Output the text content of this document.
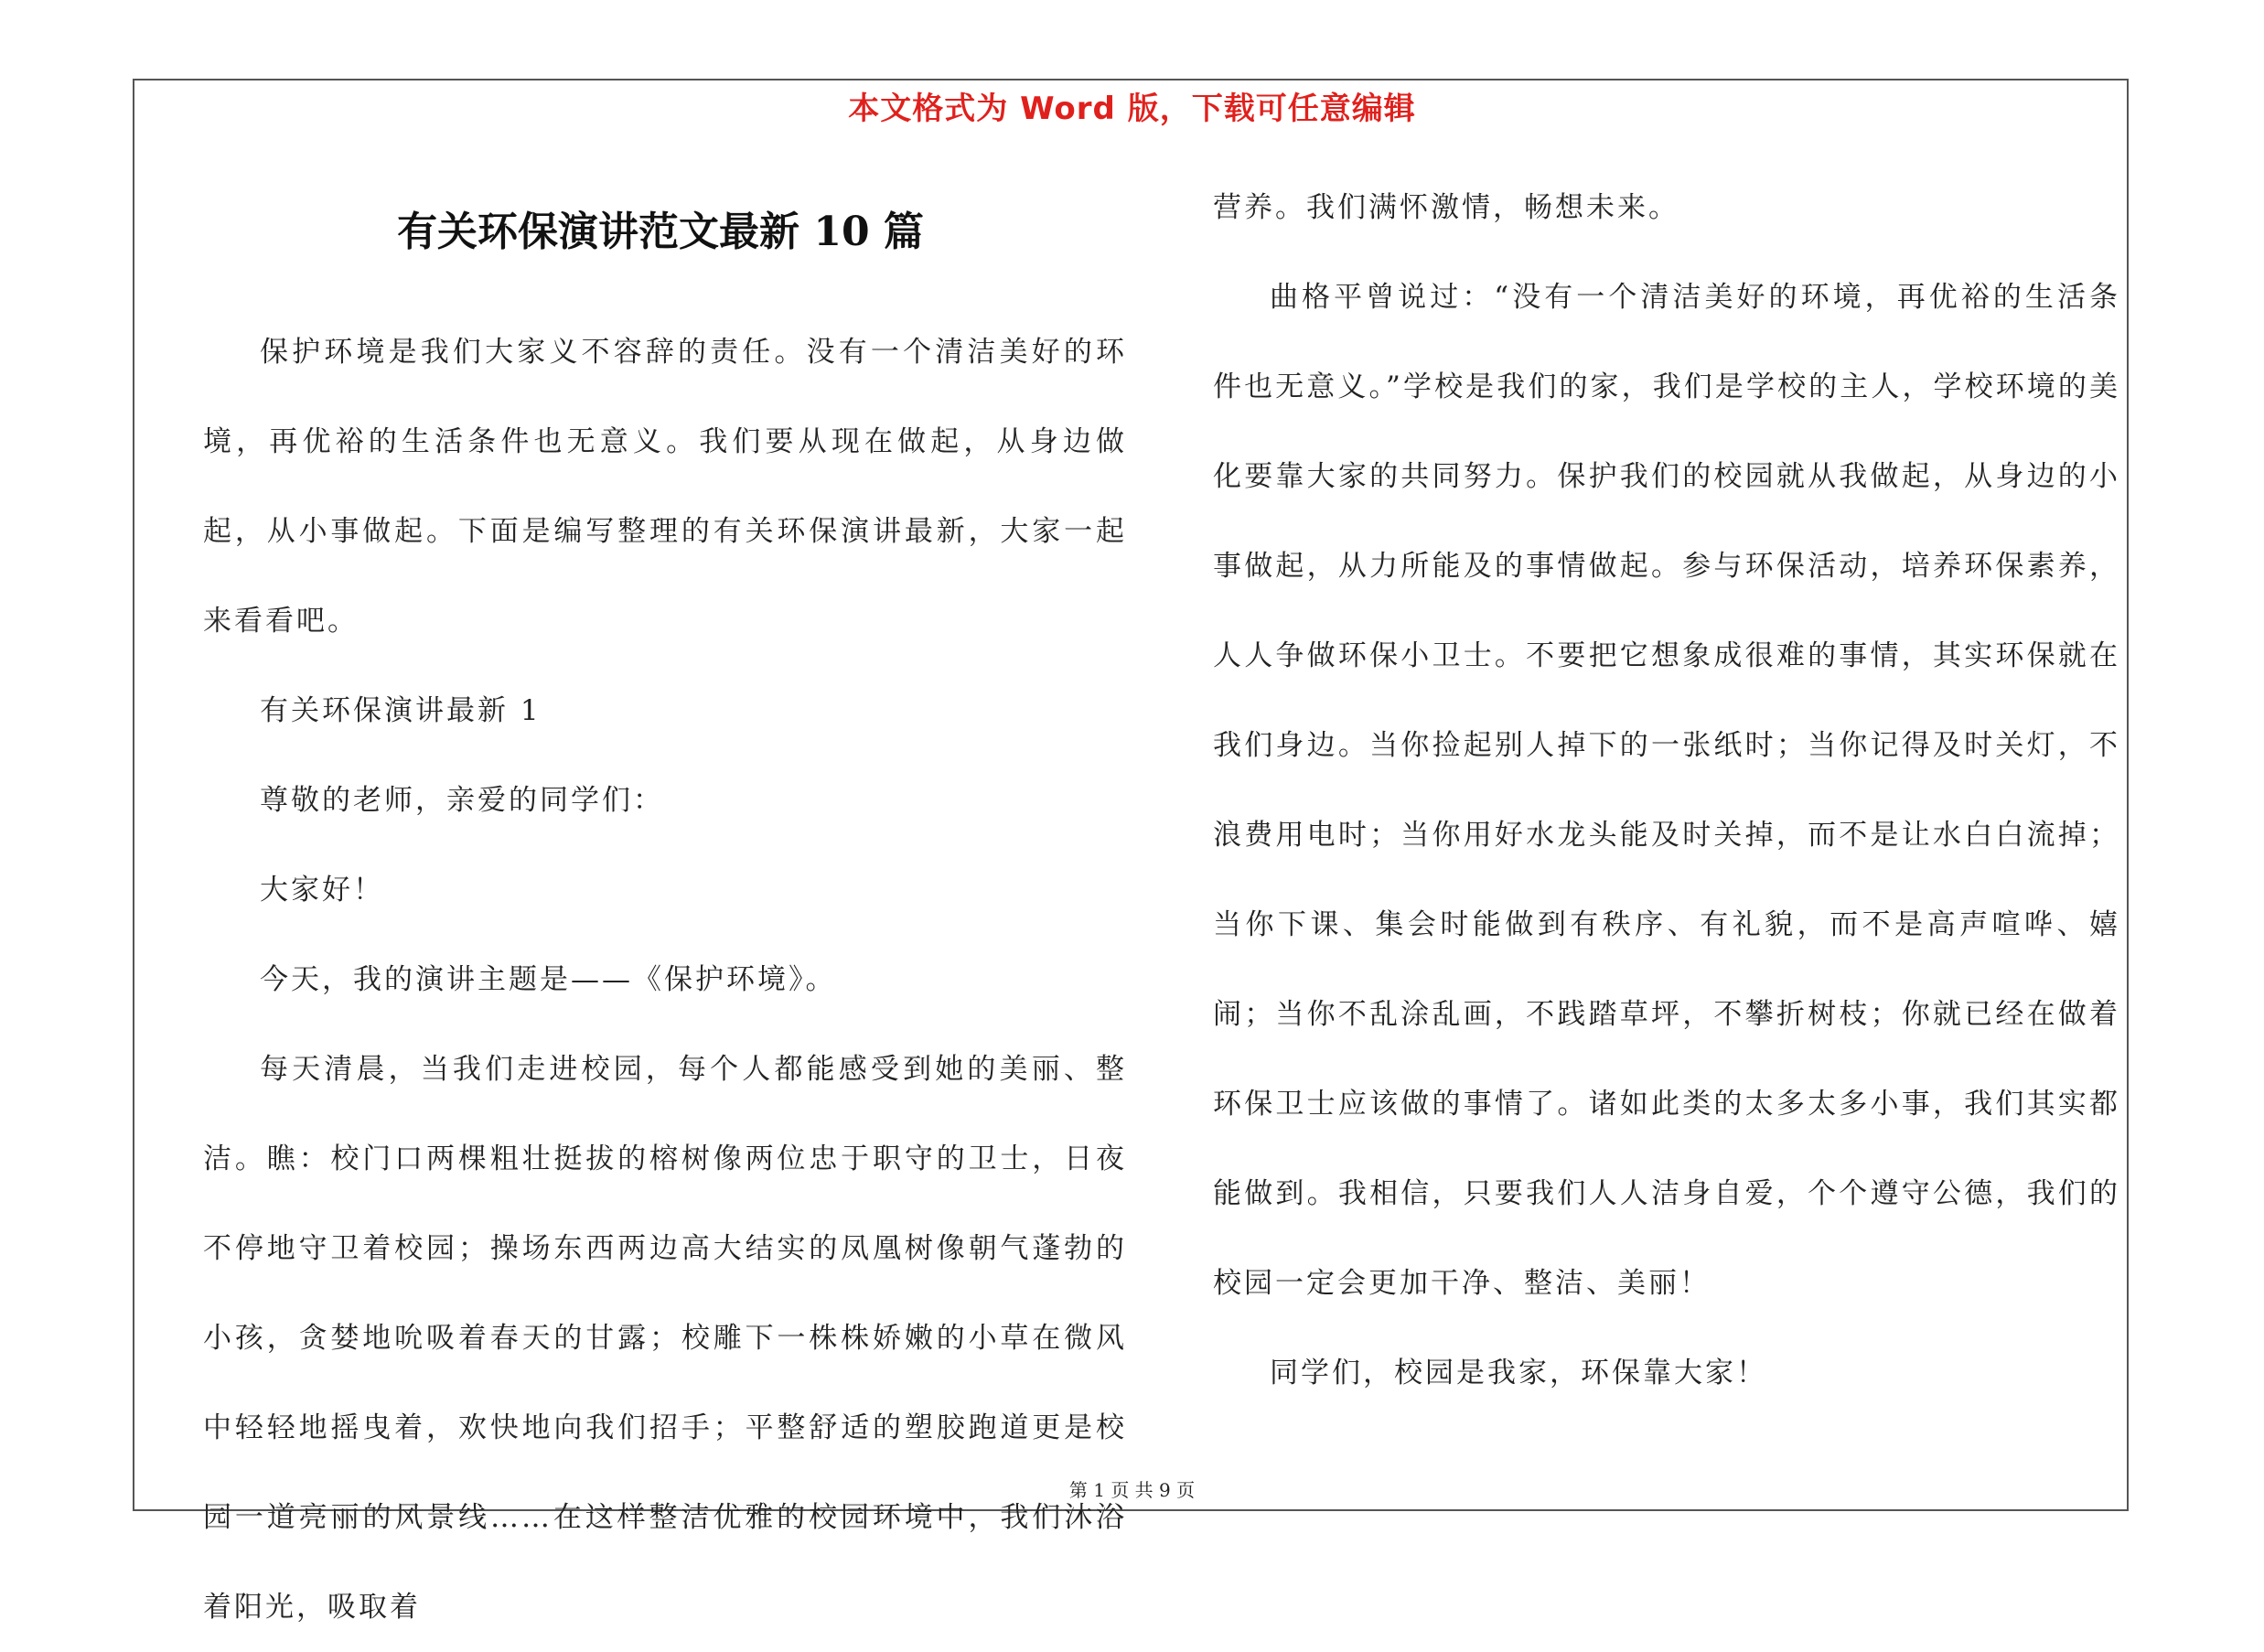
本文格式为 Word 版，下载可任意编辑
有关环保演讲范文最新 10 篇

保护环境是我们大家义不容辞的责任。没有一个清洁美好的环境，再优裕的生活条件也无意义。我们要从现在做起，从身边做起，从小事做起。下面是编写整理的有关环保演讲最新，大家一起来看看吧。

有关环保演讲最新 1

尊敬的老师，亲爱的同学们：

大家好！

今天，我的演讲主题是——《保护环境》。

每天清晨，当我们走进校园，每个人都能感受到她的美丽、整洁。瞧：校门口两棵粗壮挺拔的榕树像两位忠于职守的卫士，日夜不停地守卫着校园；操场东西两边高大结实的凤凰树像朝气蓬勃的小孩，贪婪地吮吸着春天的甘露；校雕下一株株娇嫩的小草在微风中轻轻地摇曳着，欢快地向我们招手；平整舒适的塑胶跑道更是校园一道亮丽的风景线……在这样整洁优雅的校园环境中，我们沐浴着阳光，吸取着

营养。我们满怀激情，畅想未来。

曲格平曾说过：“没有一个清洁美好的环境，再优裕的生活条件也无意义。”学校是我们的家，我们是学校的主人，学校环境的美化要靠大家的共同努力。保护我们的校园就从我做起，从身边的小事做起，从力所能及的事情做起。参与环保活动，培养环保素养，人人争做环保小卫士。不要把它想象成很难的事情，其实环保就在我们身边。当你捡起别人掉下的一张纸时；当你记得及时关灯，不浪费用电时；当你用好水龙头能及时关掉，而不是让水白白流掉；当你下课、集会时能做到有秩序、有礼貌，而不是高声喧哗、嬉闹；当你不乱涂乱画，不践踏草坪，不攀折树枝；你就已经在做着环保卫士应该做的事情了。诸如此类的太多太多小事，我们其实都能做到。我相信，只要我们人人洁身自爱，个个遵守公德，我们的校园一定会更加干净、整洁、美丽！

同学们，校园是我家，环保靠大家！

第 1 页 共 9 页
